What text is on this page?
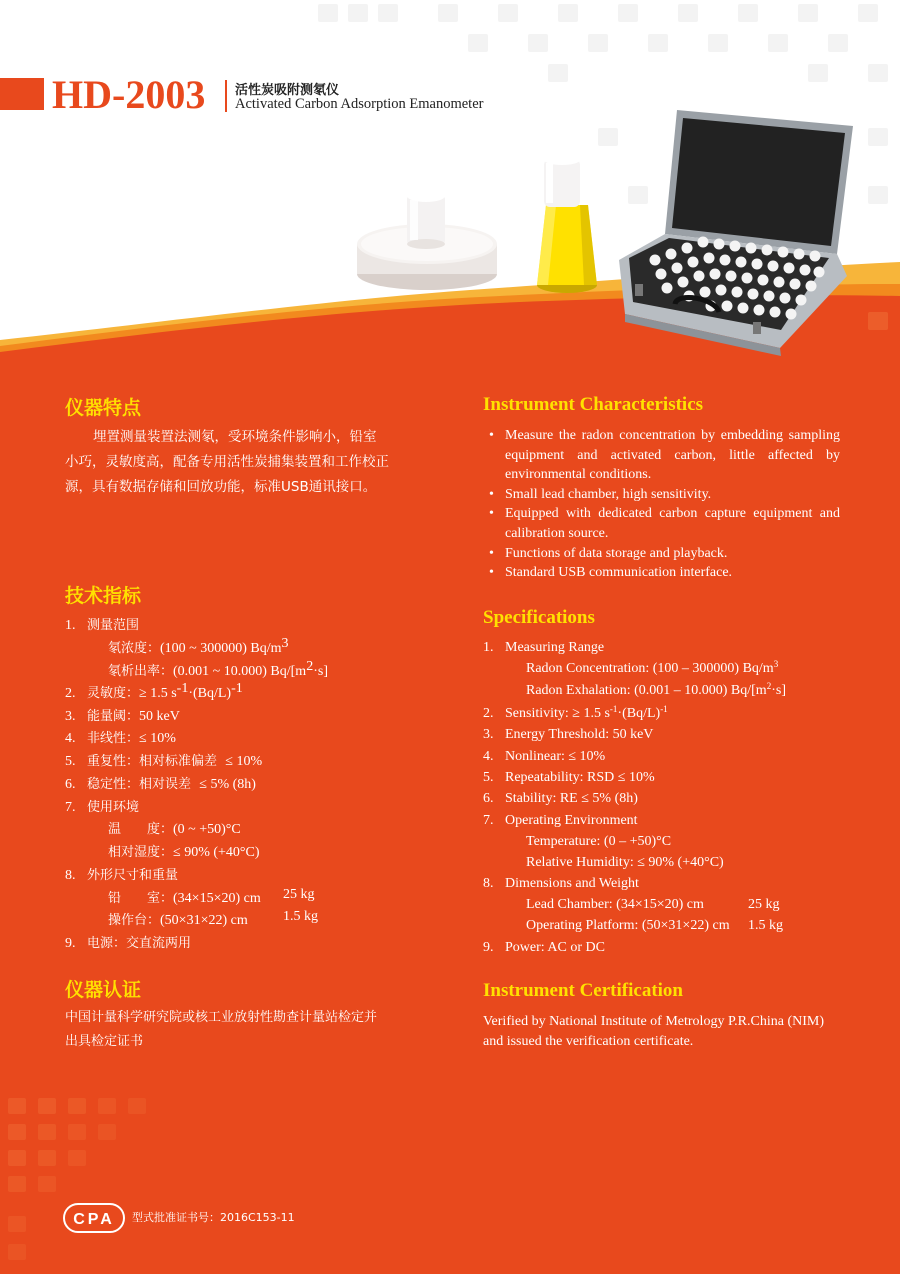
HD-2003 活性炭吸附测氡仪
Activated Carbon Adsorption Emanometer
仪器特点
埋置测量装置法测氡，受环境条件影响小，铅室
小巧，灵敏度高，配备专用活性炭捕集装置和工作校正
源，具有数据存储和回放功能，标准USB通讯接口。
Instrument Characteristics
• Measure the radon concentration by embedding sampling equipment and activated carbon, little affected by environmental conditions.
• Small lead chamber, high sensitivity.
• Equipped with dedicated carbon capture equipment and calibration source.
• Functions of data storage and playback.
• Standard USB communication interface.
技术指标
1. 测量范围
氡浓度：(100 ~ 300000) $Bq/m^3$
氡析出率：(0.001 ~ 10.000) $Bq/[m^2\cdot s]$
2. 灵敏度：≥ 1.5 $s^{-1}\cdot(Bq/L)^{-1}$
3. 能量阈：50 keV
4. 非线性：≤ 10%
5. 重复性：相对标准偏差 ≤ 10%
6. 稳定性：相对误差 ≤ 5% (8h)
7. 使用环境
温　　度：(0 ~ +50)°C
相对湿度：≤ 90% (+40°C)
8. 外形尺寸和重量
铅　　室：(34×15×20) cm 25 kg
操作台：(50×31×22) cm	1.5 kg
9. 电源：交直流两用
Specifications
1. Measuring Range
Radon Concentration: (100 – 300000) $Bq/m^3$
Radon Exhalation: (0.001 – 10.000) $Bq/[m^2\cdot s]$
2. Sensitivity: ≥ 1.5 $s^{-1}\cdot(Bq/L)^{-1}$
3. Energy Threshold: 50 keV
4. Nonlinear: ≤ 10%
5. Repeatability: RSD ≤ 10%
6. Stability: RE ≤ 5% (8h)
7. Operating Environment
Temperature: (0 – +50)°C
Relative Humidity: ≤ 90% (+40°C)
8. Dimensions and Weight
Lead Chamber: (34×15×20) cm	25 kg
Operating Platform: (50×31×22) cm 1.5 kg
9. Power: AC or DC
仪器认证
中国计量科学研究院或核工业放射性勘查计量站检定并
出具检定证书
Instrument Certification
Verified by National Institute of Metrology P.R.China (NIM)
and issued the verification certificate.
CPA 型式批准证书号：2016C153-11
